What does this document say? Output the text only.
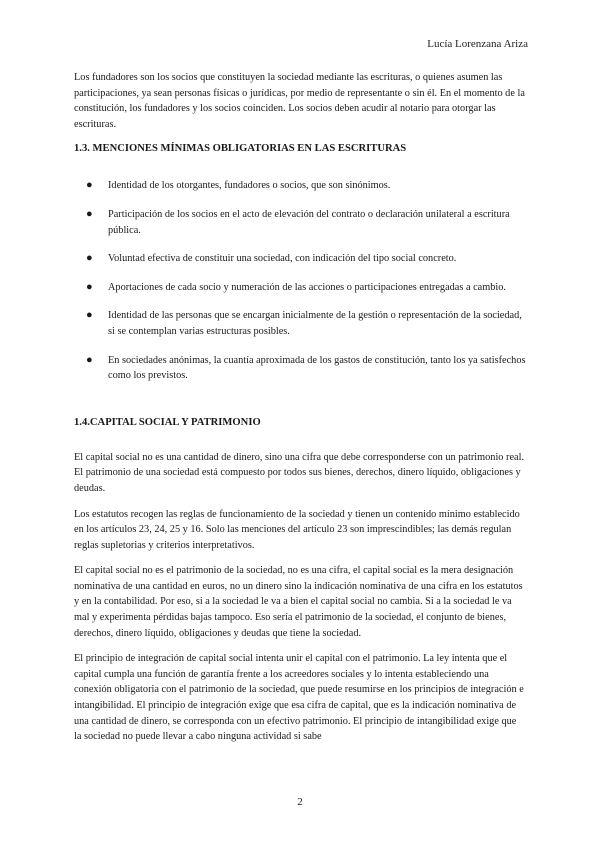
Lucía Lorenzana Ariza

Los fundadores son los socios que constituyen la sociedad mediante las escrituras, o quienes asumen las participaciones, ya sean personas físicas o jurídicas, por medio de representante o sin él. En el momento de la constitución, los fundadores y los socios coinciden. Los socios deben acudir al notario para otorgar las escrituras.

1.3. MENCIONES MÍNIMAS OBLIGATORIAS EN LAS ESCRITURAS
● Identidad de los otorgantes, fundadores o socios, que son sinónimos.
● Participación de los socios en el acto de elevación del contrato o declaración unilateral a escritura pública.
● Voluntad efectiva de constituir una sociedad, con indicación del tipo social concreto.
● Aportaciones de cada socio y numeración de las acciones o participaciones entregadas a cambio.
● Identidad de las personas que se encargan inicialmente de la gestión o representación de la sociedad, si se contemplan varias estructuras posibles.
● En sociedades anónimas, la cuantía aproximada de los gastos de constitución, tanto los ya satisfechos como los previstos.
1.4.CAPITAL SOCIAL Y PATRIMONIO

El capital social no es una cantidad de dinero, sino una cifra que debe corresponderse con un patrimonio real. El patrimonio de una sociedad está compuesto por todos sus bienes, derechos, dinero líquido, obligaciones y deudas.

Los estatutos recogen las reglas de funcionamiento de la sociedad y tienen un contenido mínimo establecido en los artículos 23, 24, 25 y 16. Solo las menciones del artículo 23 son imprescindibles; las demás regulan reglas supletorias y criterios interpretativos.

El capital social no es el patrimonio de la sociedad, no es una cifra, el capital social es la mera designación nominativa de una cantidad en euros, no un dinero sino la indicación nominativa de una cifra en los estatutos y en la contabilidad. Por eso, si a la sociedad le va a bien el capital social no cambia. Si a la sociedad le va mal y experimenta pérdidas bajas tampoco. Eso sería el patrimonio de la sociedad, el conjunto de bienes, derechos, dinero líquido, obligaciones y deudas que tiene la sociedad.

El principio de integración de capital social intenta unir el capital con el patrimonio. La ley intenta que el capital cumpla una función de garantía frente a los acreedores sociales y lo intenta estableciendo una conexión obligatoria con el patrimonio de la sociedad, que puede resumirse en los principios de integración e intangibilidad. El principio de integración exige que esa cifra de capital, que es la indicación nominativa de una cantidad de dinero, se corresponda con un efectivo patrimonio. El principio de intangibilidad exige que la sociedad no puede llevar a cabo ninguna actividad si sabe

2
